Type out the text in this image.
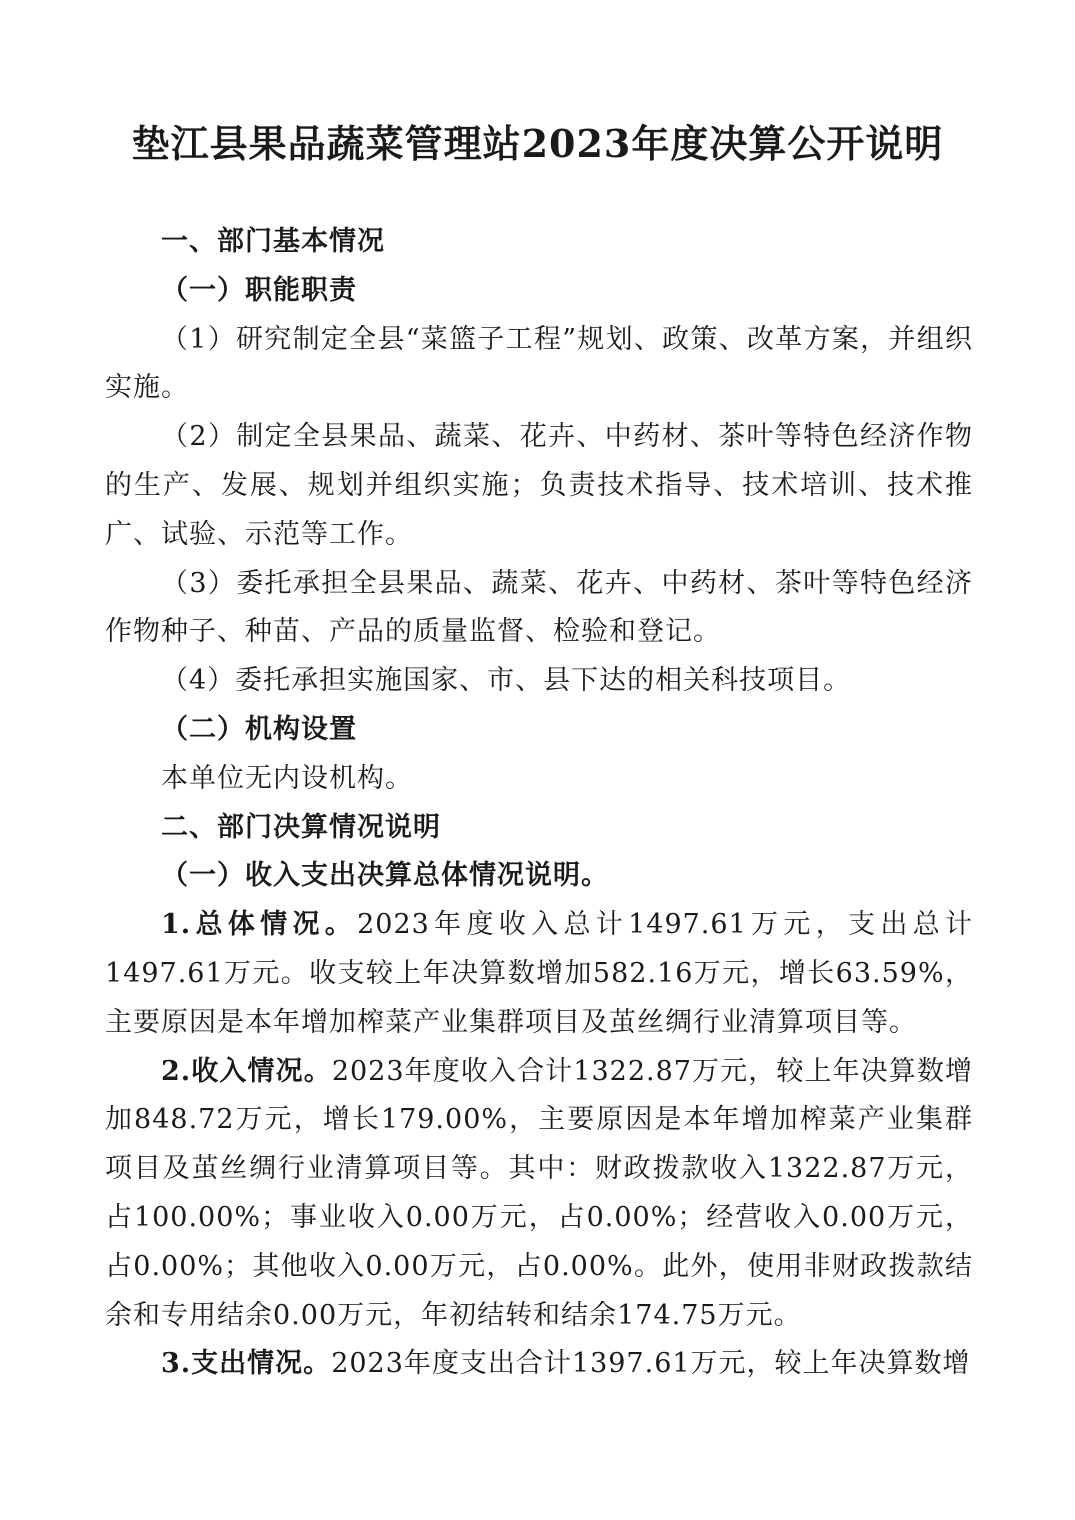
垫江县果品蔬菜管理站2023年度决算公开说明

一、部门基本情况

（一）职能职责

（1）研究制定全县“菜篮子工程”规划、政策、改革方案，并组织实施。

（2）制定全县果品、蔬菜、花卉、中药材、茶叶等特色经济作物的生产、发展、规划并组织实施；负责技术指导、技术培训、技术推广、试验、示范等工作。

（3）委托承担全县果品、蔬菜、花卉、中药材、茶叶等特色经济作物种子、种苗、产品的质量监督、检验和登记。

（4）委托承担实施国家、市、县下达的相关科技项目。

（二）机构设置

本单位无内设机构。

二、部门决算情况说明

（一）收入支出决算总体情况说明。

1.总体情况。2023年度收入总计1497.61万元，支出总计1497.61万元。收支较上年决算数增加582.16万元，增长63.59%，主要原因是本年增加榨菜产业集群项目及茧丝绸行业清算项目等。

2.收入情况。2023年度收入合计1322.87万元，较上年决算数增加848.72万元，增长179.00%，主要原因是本年增加榨菜产业集群项目及茧丝绸行业清算项目等。其中：财政拨款收入1322.87万元，占100.00%；事业收入0.00万元，占0.00%；经营收入0.00万元，占0.00%；其他收入0.00万元，占0.00%。此外，使用非财政拨款结余和专用结余0.00万元，年初结转和结余174.75万元。

3.支出情况。2023年度支出合计1397.61万元，较上年决算数增
